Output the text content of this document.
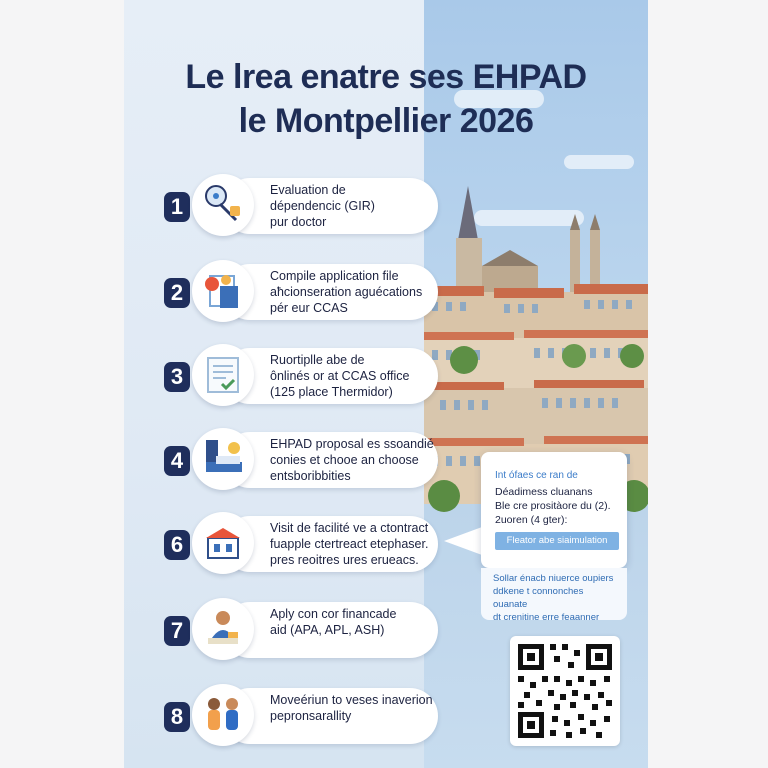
Le lrea enatre ses EHPAD
le Montpellier 2026
1
Evaluation de
dépendencic (GIR)
pur doctor
2
Compile application file
aħcionseration aguécations
pér eur CCAS
3
Ruortiplle abe de
ônlinés or at CCAS office
(125 place Thermidor)
4
EHPAD proposal es ssoandié
conies et chooe an choose
entsboribbities
6
Visit de facilité ve a ctontract
fuapple ctertreact etephaser.
pres reoitres ures erueacs.
7
Aply con cor financade
aid (APA, APL, ASH)
8
Moveériun to veses inaverion
pepronsarallity
Int ófaes ce ran de
Déadimess cluanans
Ble cre prositàore du (2).
2uoren (4 gter):
Fleator abe siaimulation
Sollar énacb niuerce oupiers
ddkene t connonches ouanate
dt crenitine erre feaanner
